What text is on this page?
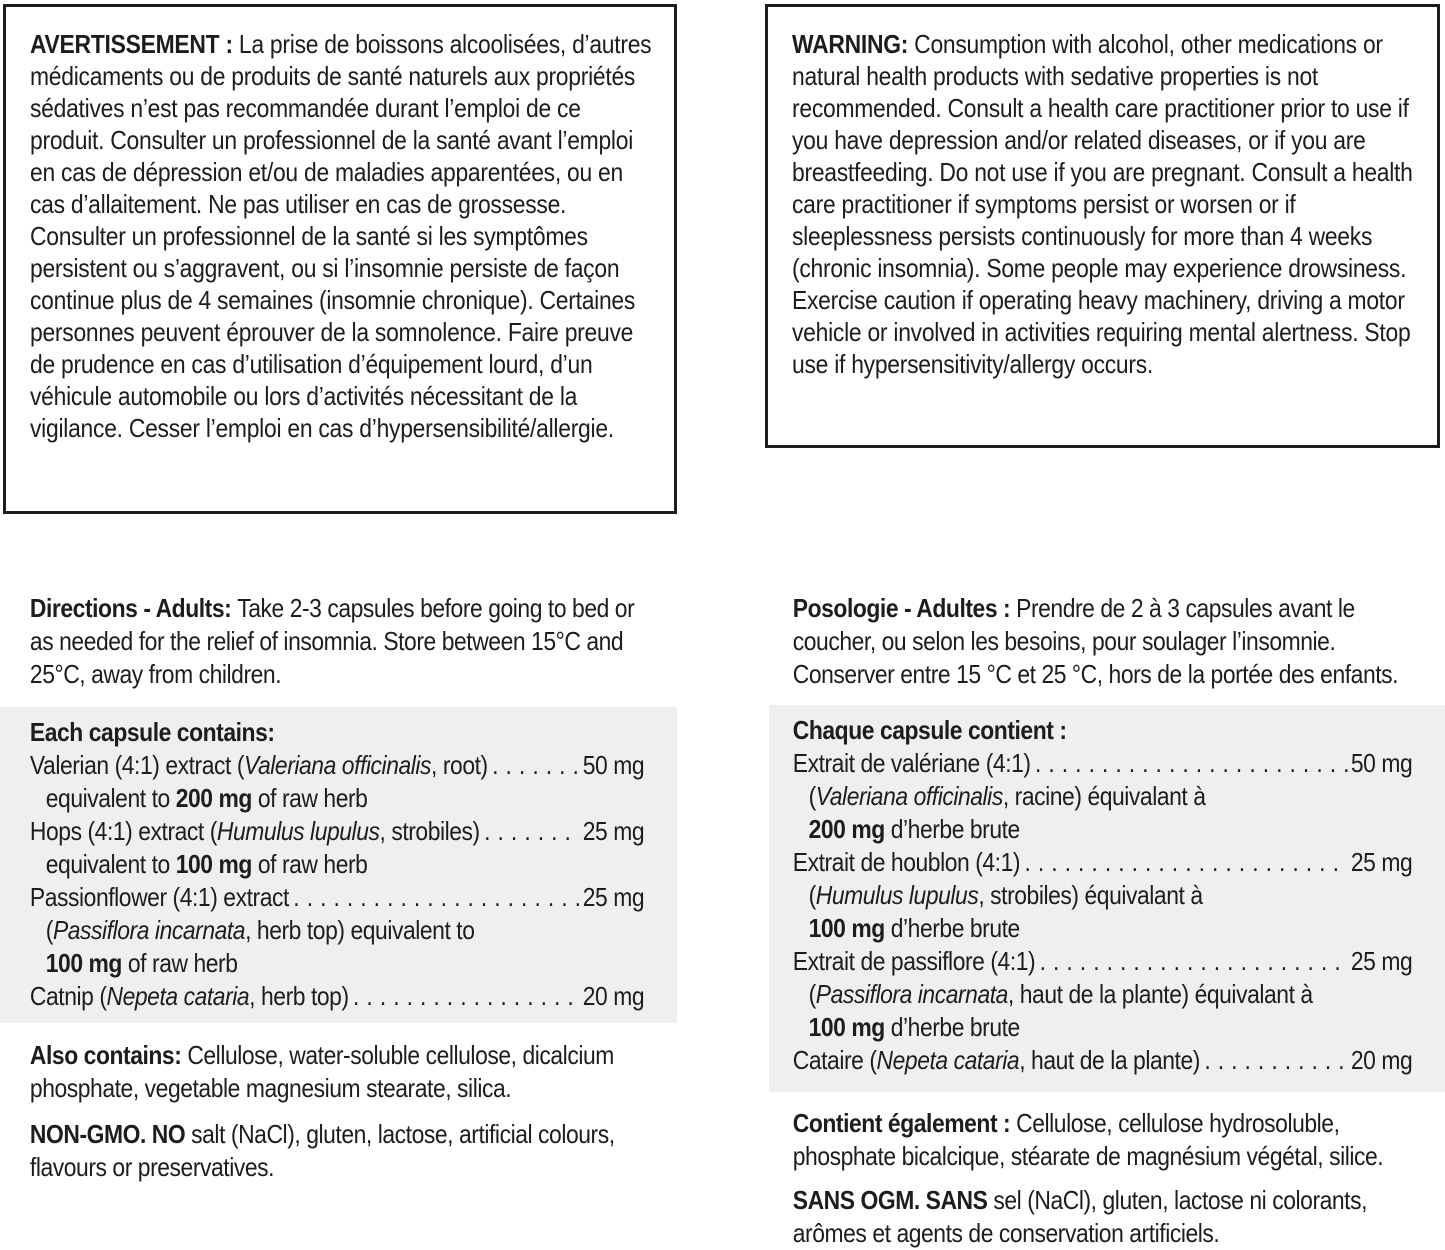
AVERTISSEMENT : La prise de boissons alcoolisées, d’autres médicaments ou de produits de santé naturels aux propriétés sédatives n’est pas recommandée durant l’emploi de ce produit. Consulter un professionnel de la santé avant l’emploi en cas de dépression et/ou de maladies apparentées, ou en cas d’allaitement. Ne pas utiliser en cas de grossesse. Consulter un professionnel de la santé si les symptômes persistent ou s’aggravent, ou si l’insomnie persiste de façon continue plus de 4 semaines (insomnie chronique). Certaines personnes peuvent éprouver de la somnolence. Faire preuve de prudence en cas d’utilisation d’équipement lourd, d’un véhicule automobile ou lors d’activités nécessitant de la vigilance. Cesser l’emploi en cas d’hypersensibilité/allergie.

WARNING: Consumption with alcohol, other medications or natural health products with sedative properties is not recommended. Consult a health care practitioner prior to use if you have depression and/or related diseases, or if you are breastfeeding. Do not use if you are pregnant. Consult a health care practitioner if symptoms persist or worsen or if sleeplessness persists continuously for more than 4 weeks (chronic insomnia). Some people may experience drowsiness. Exercise caution if operating heavy machinery, driving a motor vehicle or involved in activities requiring mental alertness. Stop use if hypersensitivity/allergy occurs.

Directions - Adults: Take 2-3 capsules before going to bed or as needed for the relief of insomnia. Store between 15°C and 25°C, away from children.

Each capsule contains:

Valerian (4:1) extract (Valeriana officinalis, root) .....	50 mg
equivalent to 200 mg of raw herb
Hops (4:1) extract (Humulus lupulus, strobiles) .....	25 mg
equivalent to 100 mg of raw herb
Passionflower (4:1) extract .....	25 mg
(Passiflora incarnata, herb top) equivalent to
100 mg of raw herb
Catnip (Nepeta cataria, herb top) .....	20 mg

Also contains: Cellulose, water-soluble cellulose, dicalcium phosphate, vegetable magnesium stearate, silica.

NON-GMO. NO salt (NaCl), gluten, lactose, artificial colours, flavours or preservatives.

Posologie - Adultes : Prendre de 2 à 3 capsules avant le coucher, ou selon les besoins, pour soulager l’insomnie. Conserver entre 15 °C et 25 °C, hors de la portée des enfants.

Chaque capsule contient :

Extrait de valériane (4:1) .....	50 mg
(Valeriana officinalis, racine) équivalant à
200 mg d’herbe brute
Extrait de houblon (4:1) .....	25 mg
(Humulus lupulus, strobiles) équivalant à
100 mg d’herbe brute
Extrait de passiflore (4:1) .....	25 mg
(Passiflora incarnata, haut de la plante) équivalant à
100 mg d’herbe brute
Cataire (Nepeta cataria, haut de la plante) .....	20 mg

Contient également : Cellulose, cellulose hydrosoluble, phosphate bicalcique, stéarate de magnésium végétal, silice.

SANS OGM. SANS sel (NaCl), gluten, lactose ni colorants, arômes et agents de conservation artificiels.
